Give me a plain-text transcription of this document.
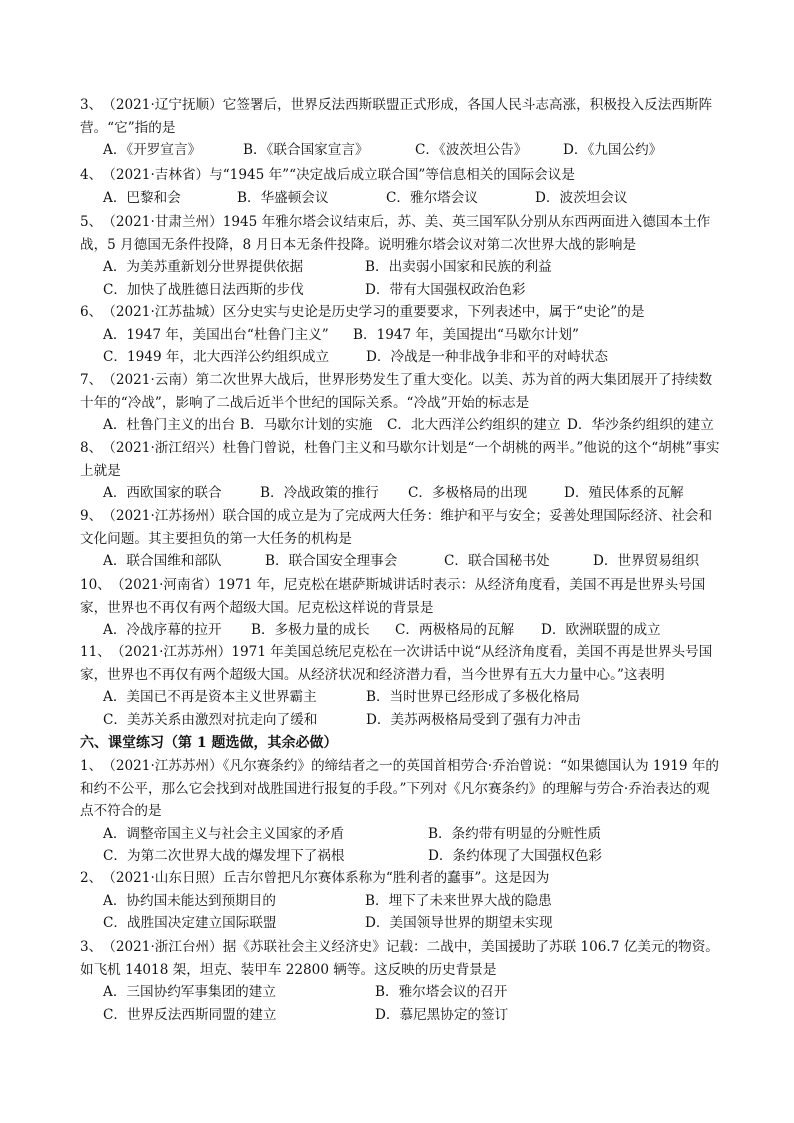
3、（2021·辽宁抚顺）它签署后，世界反法西斯联盟正式形成，各国人民斗志高涨，积极投入反法西斯阵营。“它”指的是
A．《开罗宣言》	B．《联合国家宣言》	C．《波茨坦公告》	D．《九国公约》
4、（2021·吉林省）与“1945 年”“决定战后成立联合国”等信息相关的国际会议是
A．巴黎和会	B．华盛顿会议	C．雅尔塔会议	D．波茨坦会议
5、（2021·甘肃兰州）1945 年雅尔塔会议结束后，苏、美、英三国军队分别从东西两面进入德国本土作战，5 月德国无条件投降，8 月日本无条件投降。说明雅尔塔会议对第二次世界大战的影响是
A．为美苏重新划分世界提供依据	B．出卖弱小国家和民族的利益
C．加快了战胜德日法西斯的步伐	D．带有大国强权政治色彩
6、（2021·江苏盐城）区分史实与史论是历史学习的重要要求，下列表述中，属于“史论”的是
A．1947 年，美国出台“杜鲁门主义” B．1947 年，美国提出“马歇尔计划”
C．1949 年，北大西洋公约组织成立	D．冷战是一种非战争非和平的对峙状态
7、（2021·云南）第二次世界大战后，世界形势发生了重大变化。以美、苏为首的两大集团展开了持续数十年的“冷战”，影响了二战后近半个世纪的国际关系。“冷战”开始的标志是
A．杜鲁门主义的出台 B．马歇尔计划的实施 C．北大西洋公约组织的建立 D．华沙条约组织的建立
8、（2021·浙江绍兴）杜鲁门曾说，杜鲁门主义和马歇尔计划是“一个胡桃的两半。”他说的这个“胡桃”事实上就是
A．西欧国家的联合	B．冷战政策的推行 C．多极格局的出现	D．殖民体系的瓦解
9、（2021·江苏扬州）联合国的成立是为了完成两大任务：维护和平与安全；妥善处理国际经济、社会和文化问题。其主要担负的第一大任务的机构是
A．联合国维和部队	B．联合国安全理事会	C．联合国秘书处	D．世界贸易组织
10、（2021·河南省）1971 年，尼克松在堪萨斯城讲话时表示：从经济角度看，美国不再是世界头号国家，世界也不再仅有两个超级大国。尼克松这样说的背景是
A．冷战序幕的拉开 B．多极力量的成长 C．两极格局的瓦解 D．欧洲联盟的成立
11、（2021·江苏苏州）1971 年美国总统尼克松在一次讲话中说“从经济角度看，美国不再是世界头号国家，世界也不再仅有两个超级大国。从经济状况和经济潜力看，当今世界有五大力量中心。”这表明
A．美国已不再是资本主义世界霸主	B．当时世界已经形成了多极化格局
C．美苏关系由激烈对抗走向了缓和	D．美苏两极格局受到了强有力冲击
六、课堂练习（第 1 题选做，其余必做）
1、（2021·江苏苏州）《凡尔赛条约》的缔结者之一的英国首相劳合·乔治曾说：“如果德国认为 1919 年的和约不公平，那么它会找到对战胜国进行报复的手段。”下列对《凡尔赛条约》的理解与劳合·乔治表达的观点不符合的是
A．调整帝国主义与社会主义国家的矛盾	B．条约带有明显的分赃性质
C．为第二次世界大战的爆发埋下了祸根	D．条约体现了大国强权色彩
2、（2021·山东日照）丘吉尔曾把凡尔赛体系称为“胜利者的蠢事”。这是因为
A．协约国未能达到预期目的	B．埋下了未来世界大战的隐患
C．战胜国决定建立国际联盟	D．美国领导世界的期望未实现
3、（2021·浙江台州）据《苏联社会主义经济史》记载：二战中，美国援助了苏联 106.7 亿美元的物资。如飞机 14018 架，坦克、装甲车 22800 辆等。这反映的历史背景是
A．三国协约军事集团的建立	B．雅尔塔会议的召开
C．世界反法西斯同盟的建立	D．慕尼黑协定的签订
